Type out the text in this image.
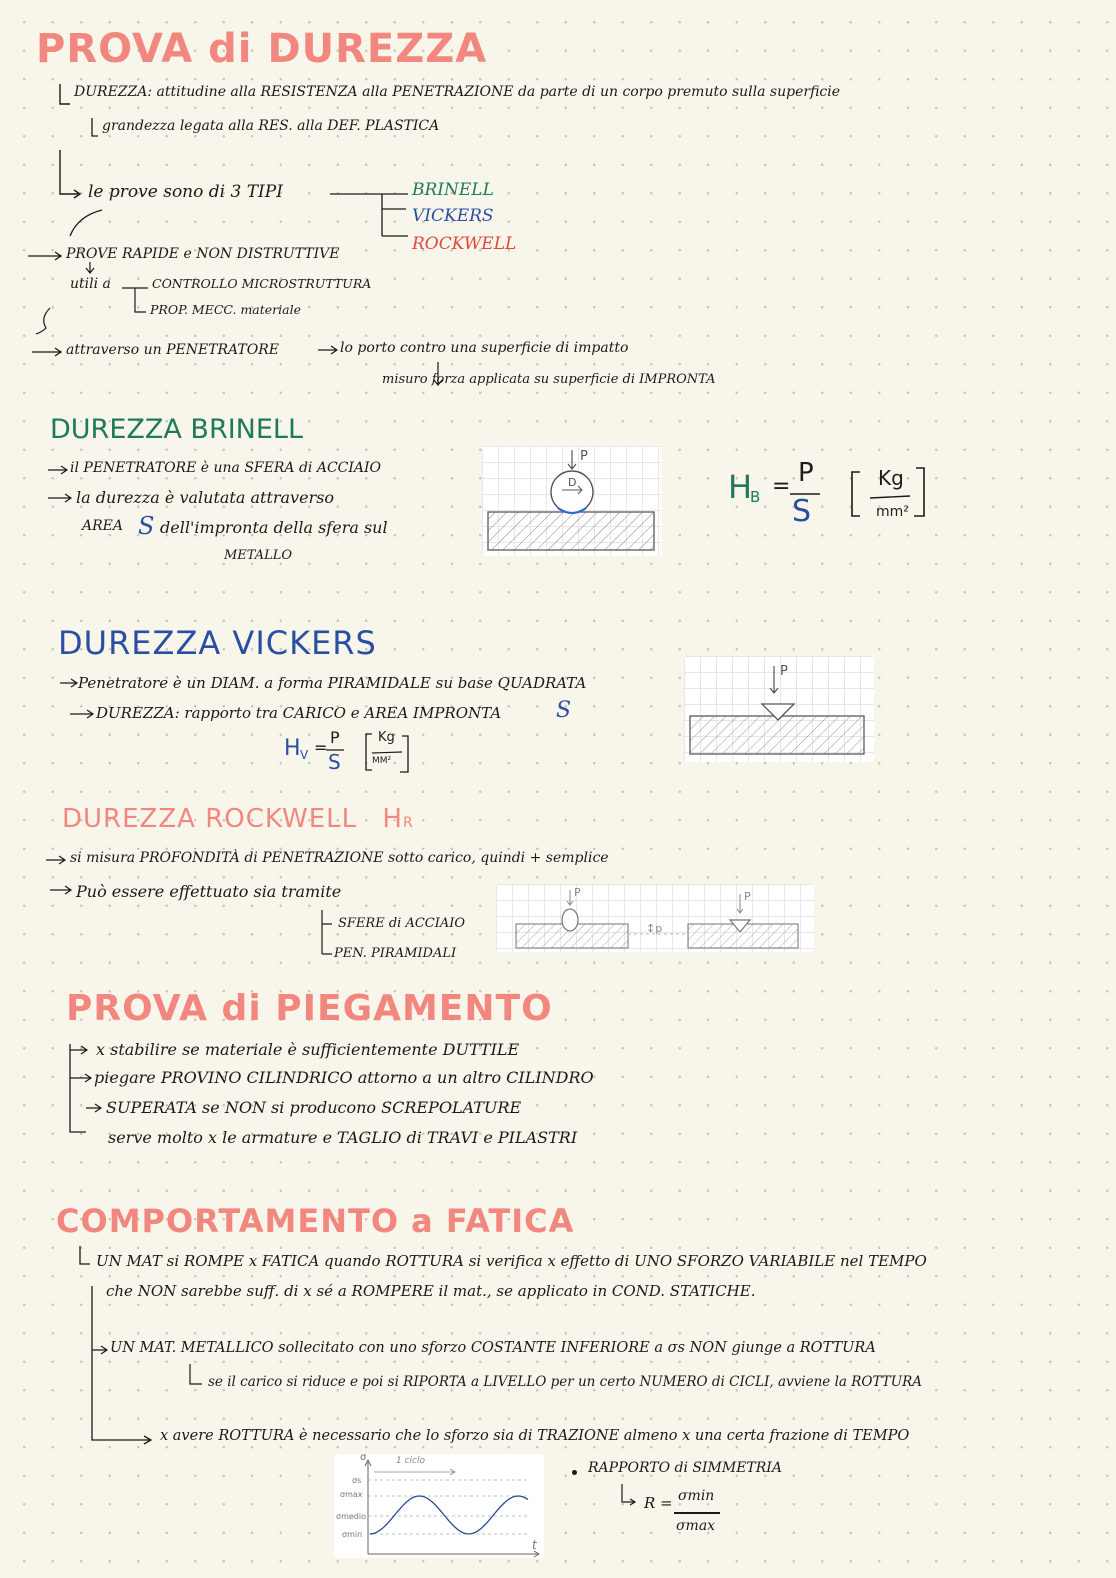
PROVA di DUREZZA
DUREZZA: attitudine alla RESISTENZA alla PENETRAZIONE da parte di un corpo premuto sulla superficie
grandezza legata alla RES. alla DEF. PLASTICA
le prove sono di 3 TIPI	BRINELL
VICKERS
ROCKWELL
PROVE RAPIDE e NON DISTRUTTIVE
utili a	CONTROLLO MICROSTRUTTURA
PROP. MECC. materiale
attraverso un PENETRATORE	lo porto contro una superficie di impatto
misuro forza applicata su superficie di IMPRONTA
DUREZZA BRINELL
il PENETRATORE è una SFERA di ACCIAIO
la durezza è valutata attraverso
AREA S dell'impronta della sfera sul
METALLO
P
D	H
B = P
S
Kg
mm²
DUREZZA VICKERS
Penetratore è un DIAM. a forma PIRAMIDALE su base QUADRATA
DUREZZA: rapporto tra CARICO e AREA IMPRONTA S
H V =
P
S
Kg
MM²
P
DUREZZA ROCKWELL HR
si misura PROFONDITÀ di PENETRAZIONE sotto carico, quindi + semplice
Può essere effettuato sia tramite
SFERE di ACCIAIO
PEN. PIRAMIDALI
P	P
↕p
PROVA di PIEGAMENTO
x stabilire se materiale è sufficientemente DUTTILE
piegare PROVINO CILINDRICO attorno a un altro CILINDRO
SUPERATA se NON si producono SCREPOLATURE
serve molto x le armature e TAGLIO di TRAVI e PILASTRI
COMPORTAMENTO a FATICA
UN MAT si ROMPE x FATICA quando ROTTURA si verifica x effetto di UNO SFORZO VARIABILE nel TEMPO
che NON sarebbe suff. di x sé a ROMPERE il mat., se applicato in COND. STATICHE.
UN MAT. METALLICO sollecitato con uno sforzo COSTANTE INFERIORE a σs NON giunge a ROTTURA
se il carico si riduce e poi si RIPORTA a LIVELLO per un certo NUMERO di CICLI, avviene la ROTTURA
x avere ROTTURA è necessario che lo sforzo sia di TRAZIONE almeno x una certa frazione di TEMPO
σ
t
1 ciclo
σs
σmax
σmedio
σmin
RAPPORTO di SIMMETRIA
R = σmin
σmax
